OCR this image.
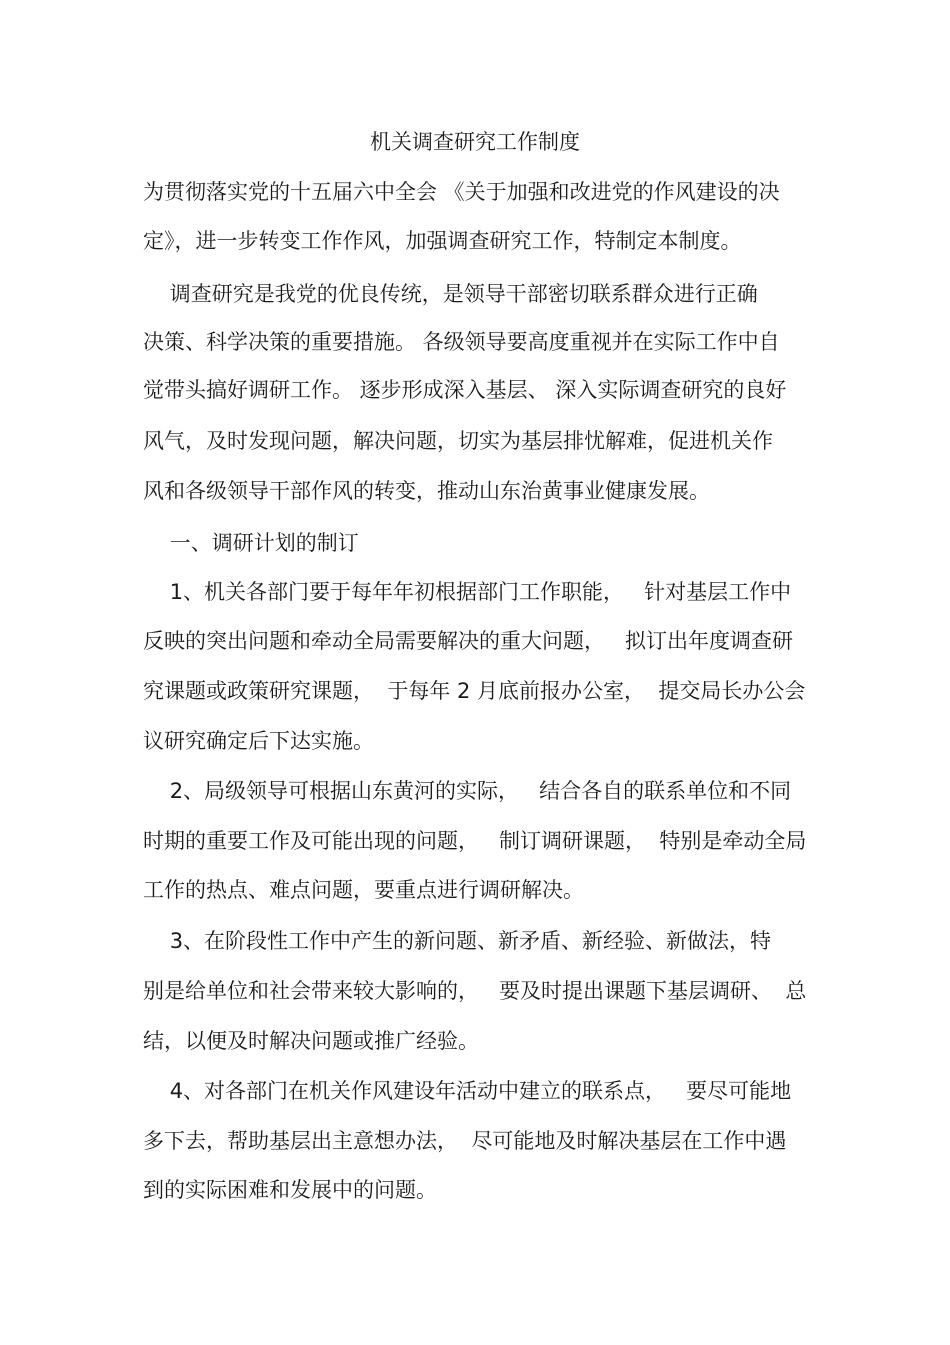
机关调查研究工作制度
为贯彻落实党的十五届六中全会 《关于加强和改进党的作风建设的决
定》，进一步转变工作作风，加强调查研究工作，特制定本制度。
调查研究是我党的优良传统，是领导干部密切联系群众进行正确
决策、科学决策的重要措施。 各级领导要高度重视并在实际工作中自
觉带头搞好调研工作。 逐步形成深入基层、 深入实际调查研究的良好
风气，及时发现问题，解决问题，切实为基层排忧解难，促进机关作
风和各级领导干部作风的转变，推动山东治黄事业健康发展。
一、调研计划的制订
1、机关各部门要于每年年初根据部门工作职能，   针对基层工作中
反映的突出问题和牵动全局需要解决的重大问题，   拟订出年度调查研
究课题或政策研究课题，  于每年 2 月底前报办公室，  提交局长办公会
议研究确定后下达实施。
2、局级领导可根据山东黄河的实际，   结合各自的联系单位和不同
时期的重要工作及可能出现的问题，   制订调研课题，  特别是牵动全局
工作的热点、难点问题，要重点进行调研解决。
3、在阶段性工作中产生的新问题、新矛盾、新经验、新做法，特
别是给单位和社会带来较大影响的，   要及时提出课题下基层调研、  总
结，以便及时解决问题或推广经验。
4、对各部门在机关作风建设年活动中建立的联系点，   要尽可能地
多下去，帮助基层出主意想办法，  尽可能地及时解决基层在工作中遇
到的实际困难和发展中的问题。
